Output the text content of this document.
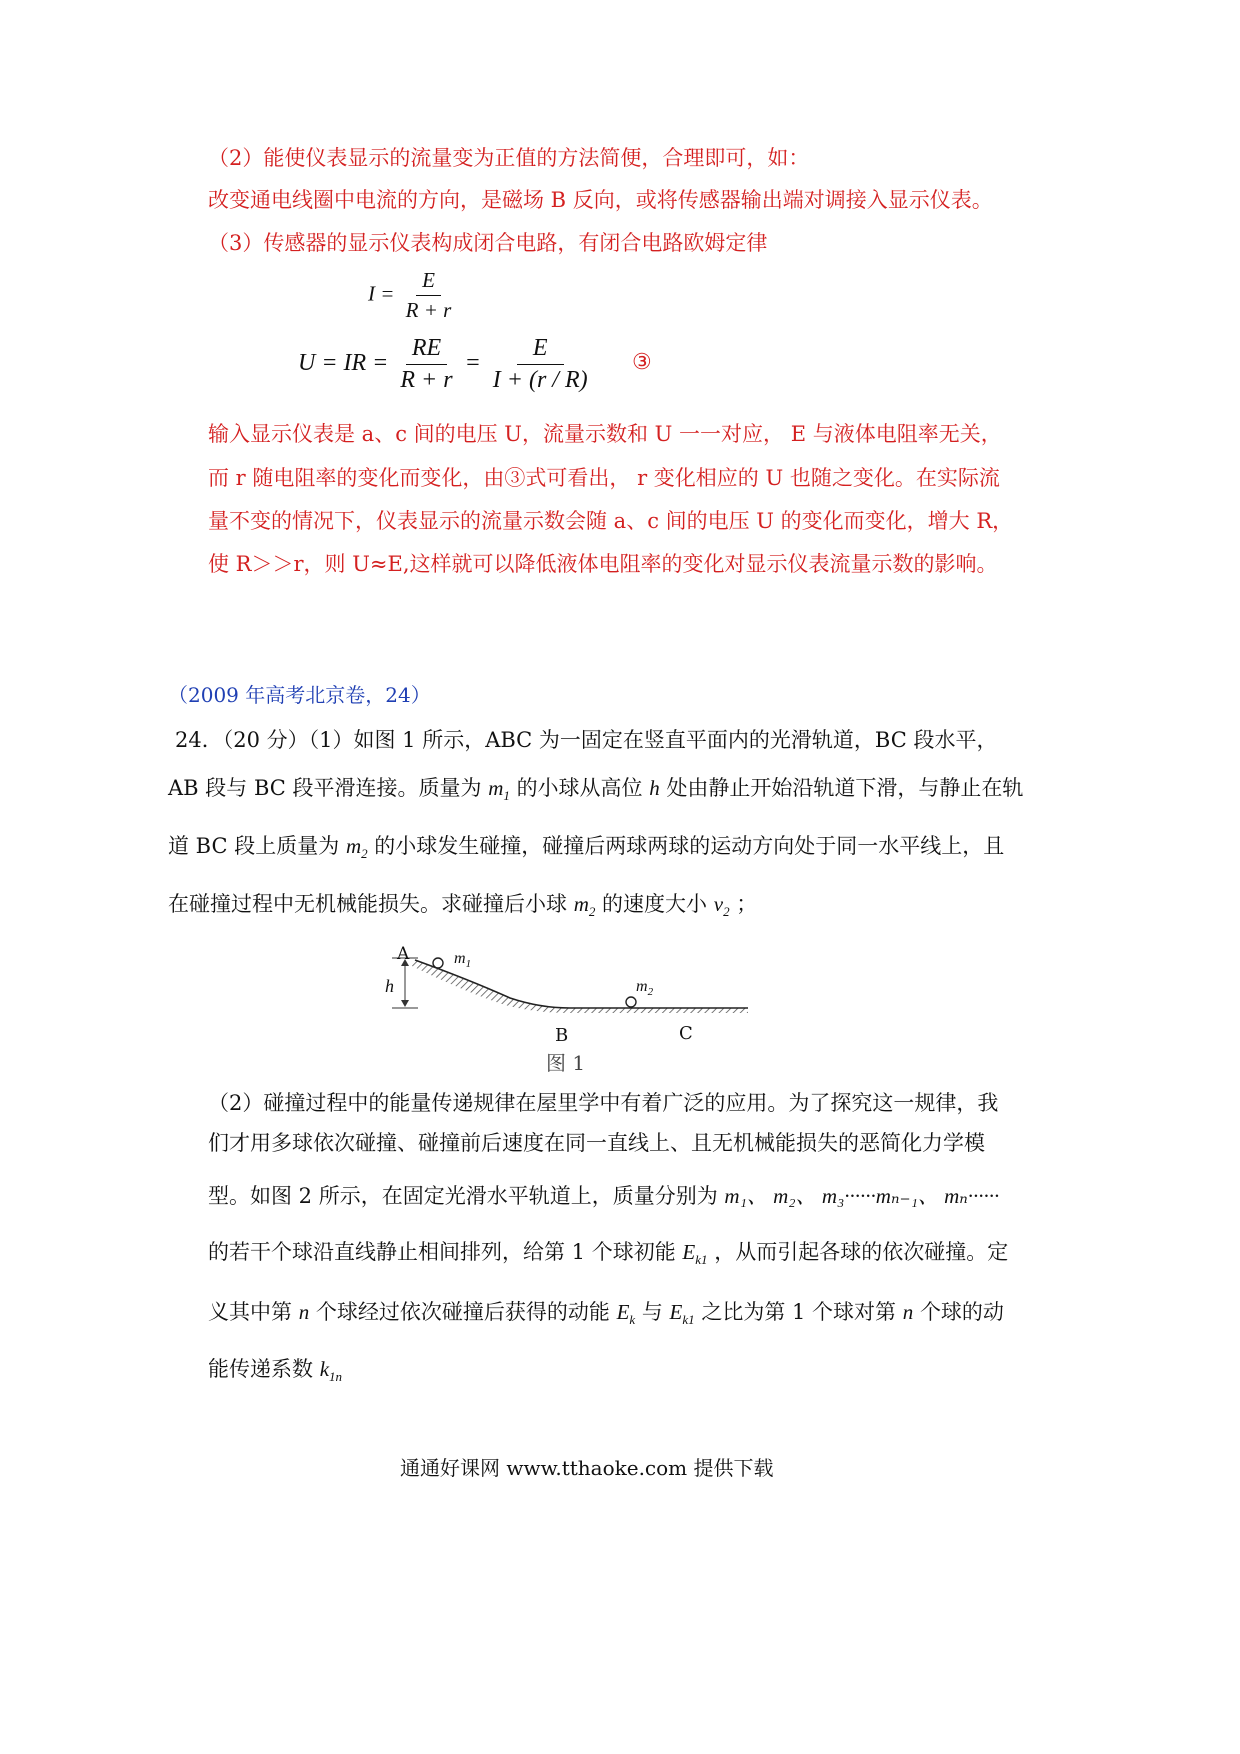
（2）能使仪表显示的流量变为正值的方法简便，合理即可，如：
改变通电线圈中电流的方向，是磁场 B 反向，或将传感器输出端对调接入显示仪表。
（3）传感器的显示仪表构成闭合电路，有闭合电路欧姆定律
$I = \frac{E}{R + r}$
U = IR = $\frac{RE}{R + r} = \frac{E}{I + (r / R)}$ ③
输入显示仪表是 a、c 间的电压 U，流量示数和 U 一一对应， E 与液体电阻率无关，
而 r 随电阻率的变化而变化，由③式可看出， r 变化相应的 U 也随之变化。在实际流
量不变的情况下，仪表显示的流量示数会随 a、c 间的电压 U 的变化而变化，增大 R，
使 R＞＞r，则 U≈E,这样就可以降低液体电阻率的变化对显示仪表流量示数的影响。
（2009 年高考北京卷，24）
24．（20 分）（1）如图 1 所示，ABC 为一固定在竖直平面内的光滑轨道，BC 段水平，
AB 段与 BC 段平滑连接。质量为 $m_1$ 的小球从高位 h 处由静止开始沿轨道下滑，与静止在轨
道 BC 段上质量为 $m_2$ 的小球发生碰撞，碰撞后两球两球的运动方向处于同一水平线上，且
在碰撞过程中无机械能损失。求碰撞后小球 $m_2$ 的速度大小 $v_2$ ；
A
h
$m_1$
$m_2$
B	C
图 1
（2）碰撞过程中的能量传递规律在屋里学中有着广泛的应用。为了探究这一规律，我
们才用多球依次碰撞、碰撞前后速度在同一直线上、且无机械能损失的恶简化力学模
型。如图 2 所示，在固定光滑水平轨道上，质量分别为 m₁、 m₂、 m₃······mₙ₋₁、 mₙ······
的若干个球沿直线静止相间排列，给第 1 个球初能 $E_{k1}$ ，从而引起各球的依次碰撞。定
义其中第 n 个球经过依次碰撞后获得的动能 $E_k$ 与 $E_{k1}$ 之比为第 1 个球对第 n 个球的动
能传递系数 $k_{1n}$
通通好课网 www.tthaoke.com 提供下载
